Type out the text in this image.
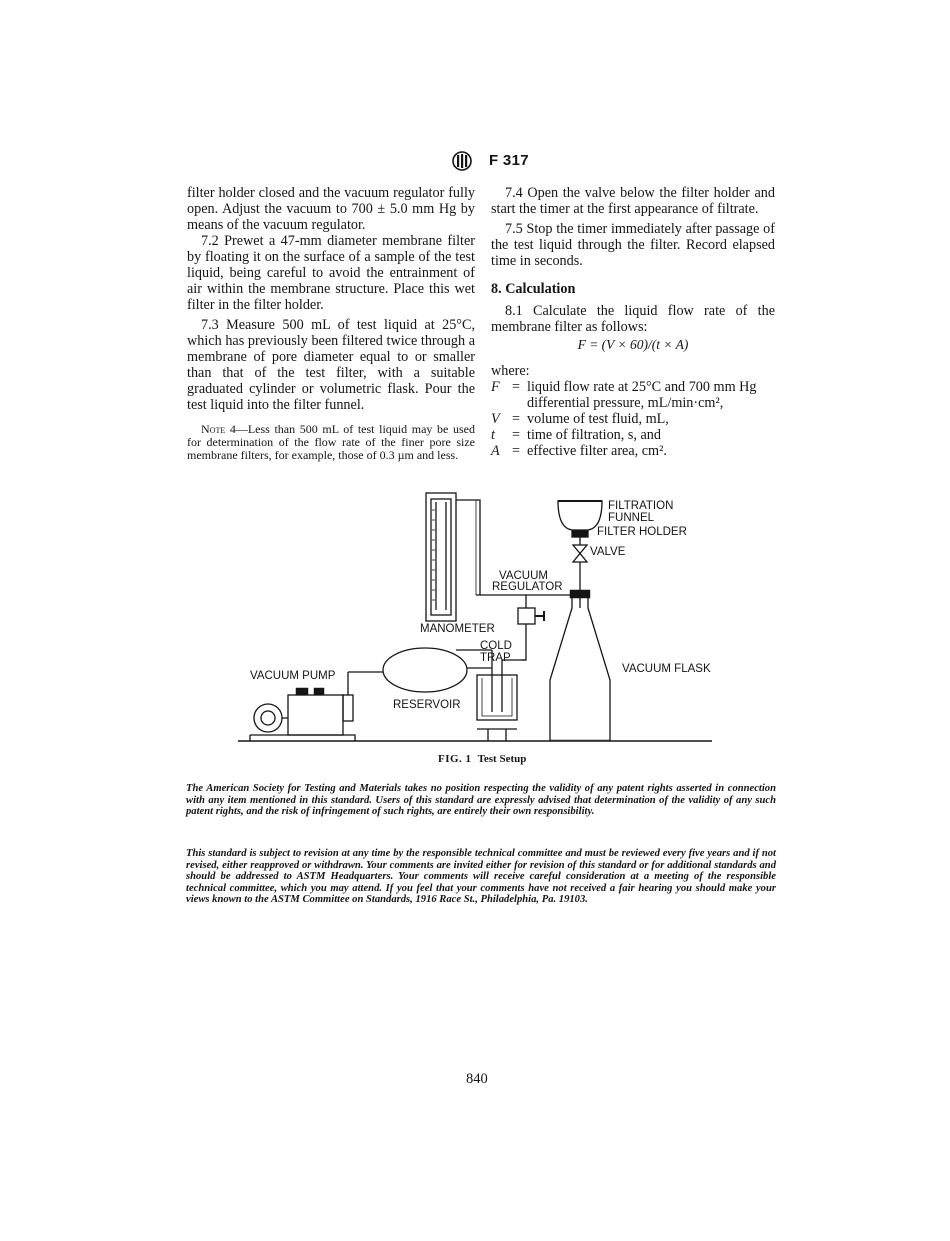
F 317

filter holder closed and the vacuum regulator fully open. Adjust the vacuum to 700 ± 5.0 mm Hg by means of the vacuum regulator.

7.2 Prewet a 47-mm diameter membrane filter by floating it on the surface of a sample of the test liquid, being careful to avoid the entrainment of air within the membrane structure. Place this wet filter in the filter holder.

7.3 Measure 500 mL of test liquid at 25°C, which has previously been filtered twice through a membrane of pore diameter equal to or smaller than that of the test filter, with a suitable graduated cylinder or volumetric flask. Pour the test liquid into the filter funnel.

Note 4—Less than 500 mL of test liquid may be used for determination of the flow rate of the finer pore size membrane filters, for example, those of 0.3 µm and less.

7.4 Open the valve below the filter holder and start the timer at the first appearance of filtrate.

7.5 Stop the timer immediately after passage of the test liquid through the filter. Record elapsed time in seconds.

8. Calculation

8.1 Calculate the liquid flow rate of the membrane filter as follows:

F = (V × 60)/(t × A)

where:

F = liquid flow rate at 25°C and 700 mm Hg differential pressure, mL/min·cm²,
V = volume of test fluid, mL,
t	= time of filtration, s, and
A = effective filter area, cm².
FILTRATION
FUNNEL
FILTER HOLDER
VALVE
VACUUM
REGULATOR
MANOMETER
COLD
TRAP
VACUUM FLASK
VACUUM PUMP
RESERVOIR
FIG. 1 Test Setup
The American Society for Testing and Materials takes no position respecting the validity of any patent rights asserted in connection with any item mentioned in this standard. Users of this standard are expressly advised that determination of the validity of any such patent rights, and the risk of infringement of such rights, are entirely their own responsibility.
This standard is subject to revision at any time by the responsible technical committee and must be reviewed every five years and if not revised, either reapproved or withdrawn. Your comments are invited either for revision of this standard or for additional standards and should be addressed to ASTM Headquarters. Your comments will receive careful consideration at a meeting of the responsible technical committee, which you may attend. If you feel that your comments have not received a fair hearing you should make your views known to the ASTM Committee on Standards, 1916 Race St., Philadelphia, Pa. 19103.
840
